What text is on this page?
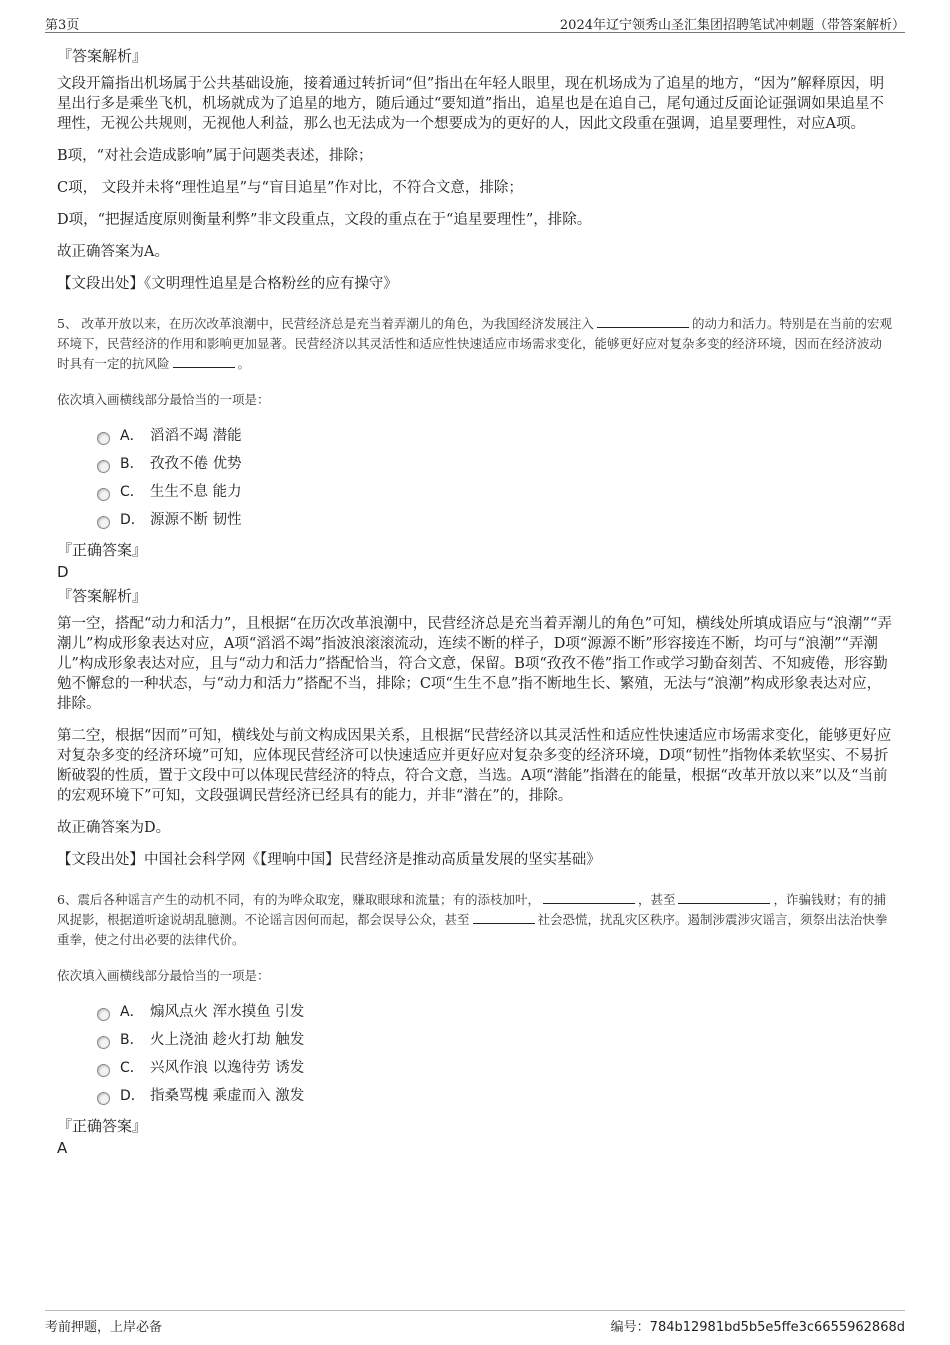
第3页	2024年辽宁领秀山圣汇集团招聘笔试冲刺题（带答案解析）

『答案解析』

文段开篇指出机场属于公共基础设施，接着通过转折词“但”指出在年轻人眼里，现在机场成为了追星的地方，“因为”解释原因，明星出行多是乘坐飞机，机场就成为了追星的地方，随后通过“要知道”指出，追星也是在追自己，尾句通过反面论证强调如果追星不理性，无视公共规则，无视他人利益，那么也无法成为一个想要成为的更好的人，因此文段重在强调，追星要理性，对应A项。

B项，“对社会造成影响”属于问题类表述，排除；

C项， 文段并未将“理性追星”与“盲目追星”作对比，不符合文意，排除；

D项，“把握适度原则衡量利弊”非文段重点，文段的重点在于“追星要理性”，排除。

故正确答案为A。

【文段出处】《文明理性追星是合格粉丝的应有操守》

5、 改革开放以来，在历次改革浪潮中，民营经济总是充当着弄潮儿的角色，为我国经济发展注入	的动力和活力。特别是在当前的宏观环境下，民营经济的作用和影响更加显著。民营经济以其灵活性和适应性快速适应市场需求变化，能够更好应对复杂多变的经济环境，因而在经济波动时具有一定的抗风险	。

依次填入画横线部分最恰当的一项是：

A． 滔滔不竭 潜能
B． 孜孜不倦 优势
C． 生生不息 能力
D． 源源不断 韧性

『正确答案』

D

『答案解析』

第一空，搭配“动力和活力”，且根据“在历次改革浪潮中，民营经济总是充当着弄潮儿的角色”可知，横线处所填成语应与“浪潮”“弄潮儿”构成形象表达对应，A项“滔滔不竭”指波浪滚滚流动，连续不断的样子，D项“源源不断”形容接连不断，均可与“浪潮”“弄潮儿”构成形象表达对应，且与“动力和活力”搭配恰当，符合文意，保留。B项“孜孜不倦”指工作或学习勤奋刻苦、不知疲倦，形容勤勉不懈怠的一种状态，与“动力和活力”搭配不当，排除；C项“生生不息”指不断地生长、繁殖，无法与“浪潮”构成形象表达对应，排除。

第二空，根据“因而”可知，横线处与前文构成因果关系，且根据“民营经济以其灵活性和适应性快速适应市场需求变化，能够更好应对复杂多变的经济环境”可知，应体现民营经济可以快速适应并更好应对复杂多变的经济环境，D项“韧性”指物体柔软坚实、不易折断破裂的性质，置于文段中可以体现民营经济的特点，符合文意，当选。A项“潜能”指潜在的能量，根据“改革开放以来”以及“当前的宏观环境下”可知，文段强调民营经济已经具有的能力，并非“潜在”的，排除。

故正确答案为D。

【文段出处】中国社会科学网《【理响中国】民营经济是推动高质量发展的坚实基础》

6、震后各种谣言产生的动机不同，有的为哗众取宠，赚取眼球和流量；有的添枝加叶，	，甚至	，诈骗钱财；有的捕风捉影，根据道听途说胡乱臆测。不论谣言因何而起，都会误导公众，甚至	社会恐慌，扰乱灾区秩序。遏制涉震涉灾谣言，须祭出法治快拳重拳，使之付出必要的法律代价。

依次填入画横线部分最恰当的一项是：

A． 煽风点火 浑水摸鱼 引发
B． 火上浇油 趁火打劫 触发
C． 兴风作浪 以逸待劳 诱发
D． 指桑骂槐 乘虚而入 激发

『正确答案』

A

考前押题，上岸必备	编号：784b12981bd5b5e5ffe3c6655962868d
